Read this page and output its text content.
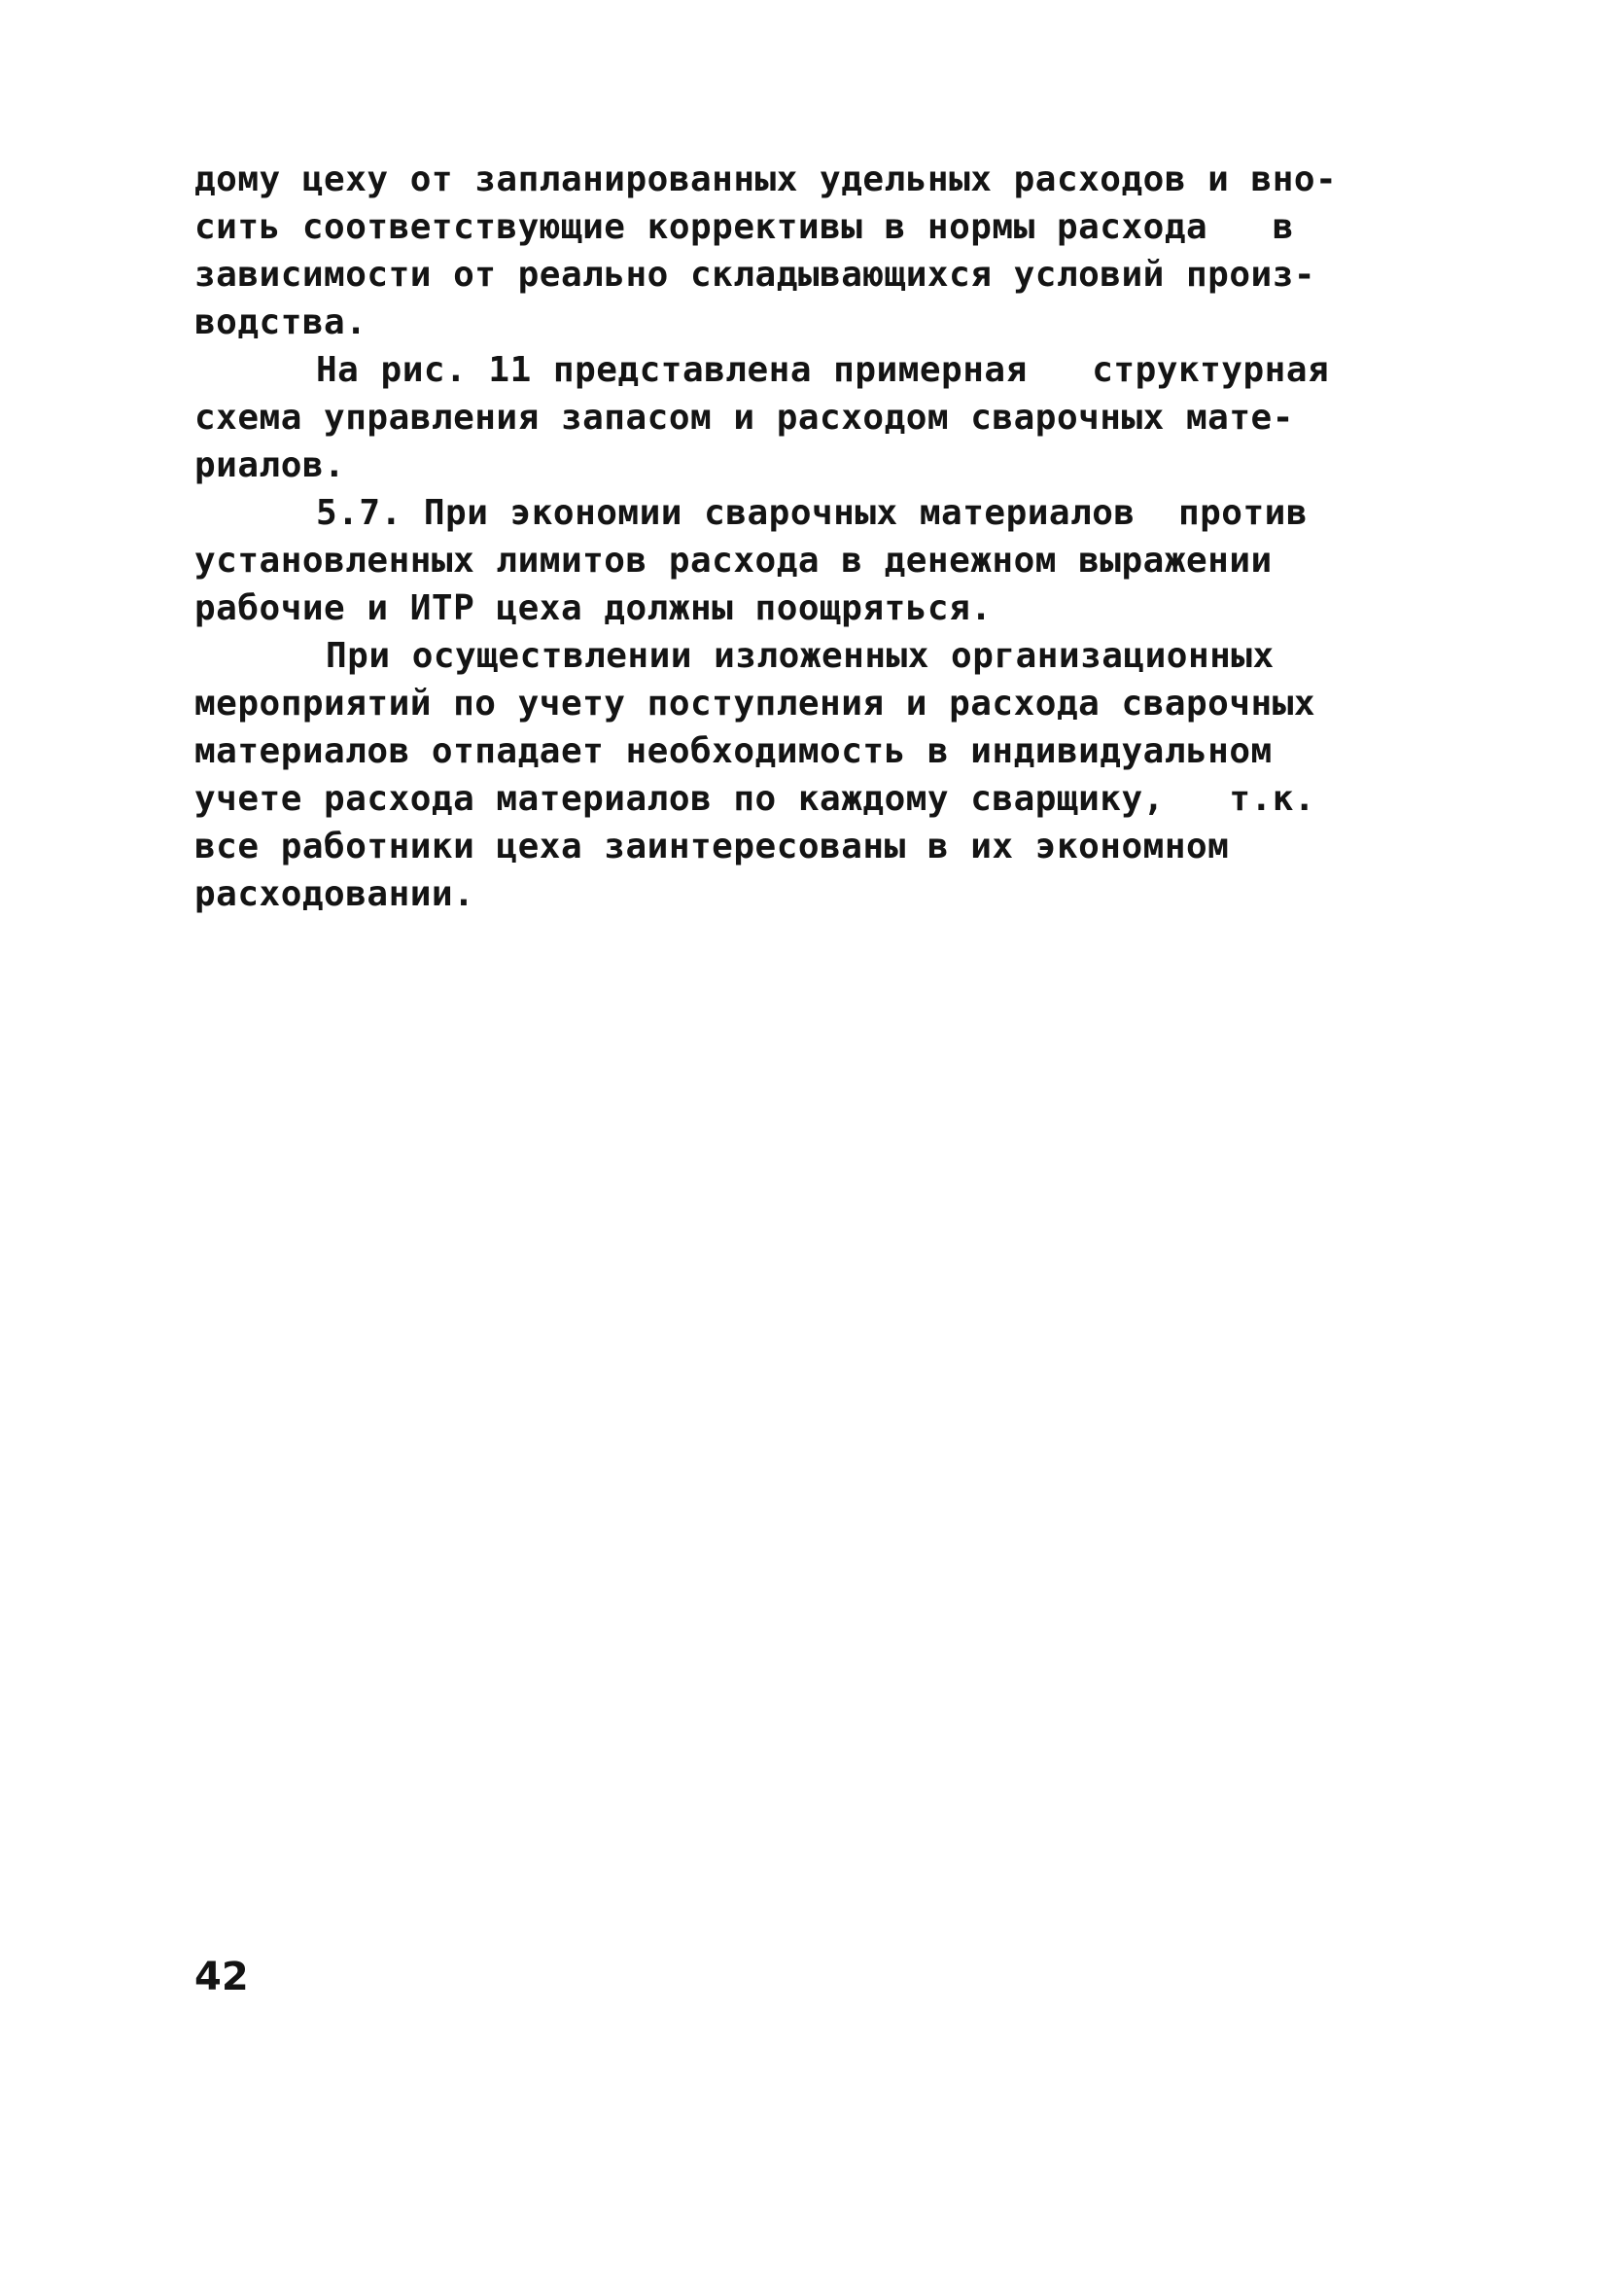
дому цеху от запланированных удельных расходов и вно-
сить соответствующие коррективы в нормы расхода   в
зависимости от реально складывающихся условий произ-
водства.
На рис. 11 представлена примерная   структурная
схема управления запасом и расходом сварочных мате-
риалов.
5.7. При экономии сварочных материалов  против
установленных лимитов расхода в денежном выражении
рабочие и ИТР цеха должны поощряться.
При осуществлении изложенных организационных
мероприятий по учету поступления и расхода сварочных
материалов отпадает необходимость в индивидуальном
учете расхода материалов по каждому сварщику,   т.к.
все работники цеха заинтересованы в их экономном
расходовании.
42
